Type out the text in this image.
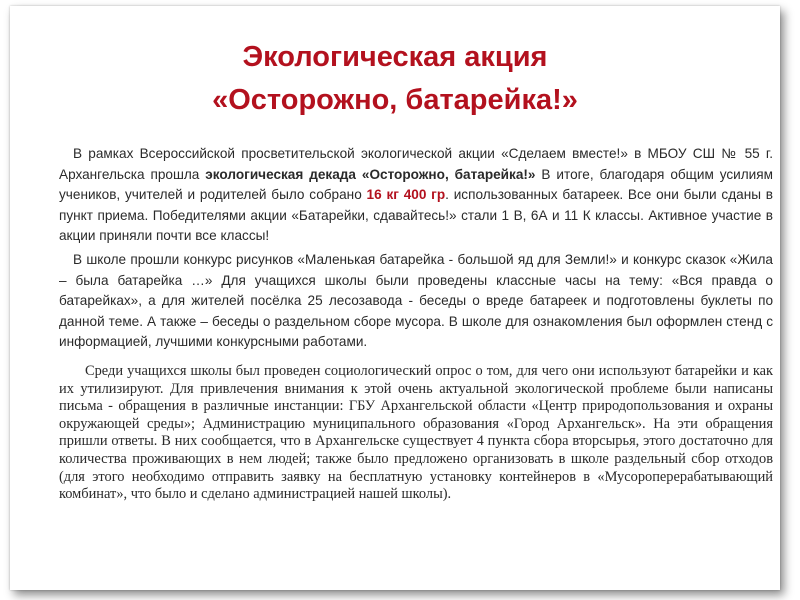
Экологическая акция
«Осторожно, батарейка!»

В рамках Всероссийской просветительской экологической акции «Сделаем вместе!» в МБОУ СШ № 55 г. Архангельска прошла экологическая декада «Осторожно, батарейка!» В итоге, благодаря общим усилиям учеников, учителей и родителей было собрано 16 кг 400 гр. использованных батареек. Все они были сданы в пункт приема. Победителями акции «Батарейки, сдавайтесь!» стали 1 В, 6А и 11 К классы. Активное участие в акции приняли почти все классы!

В школе прошли конкурс рисунков «Маленькая батарейка - большой яд для Земли!» и конкурс сказок «Жила – была батарейка …» Для учащихся школы были проведены классные часы на тему: «Вся правда о батарейках», а для жителей посёлка 25 лесозавода - беседы о вреде батареек и подготовлены буклеты по данной теме. А также – беседы о раздельном сборе мусора. В школе для ознакомления был оформлен стенд с информацией, лучшими конкурсными работами.

Среди учащихся школы был проведен социологический опрос о том, для чего они используют батарейки и как их утилизируют. Для привлечения внимания к этой очень актуальной экологической проблеме были написаны письма - обращения в различные инстанции: ГБУ Архангельской области «Центр природопользования и охраны окружающей среды»; Администрацию муниципального образования «Город Архангельск». На эти обращения пришли ответы. В них сообщается, что в Архангельске существует 4 пункта сбора вторсырья, этого достаточно для количества проживающих в нем людей; также было предложено организовать в школе раздельный сбор отходов (для этого необходимо отправить заявку на бесплатную установку контейнеров в «Мусороперерабатывающий комбинат», что было и сделано администрацией нашей школы).
